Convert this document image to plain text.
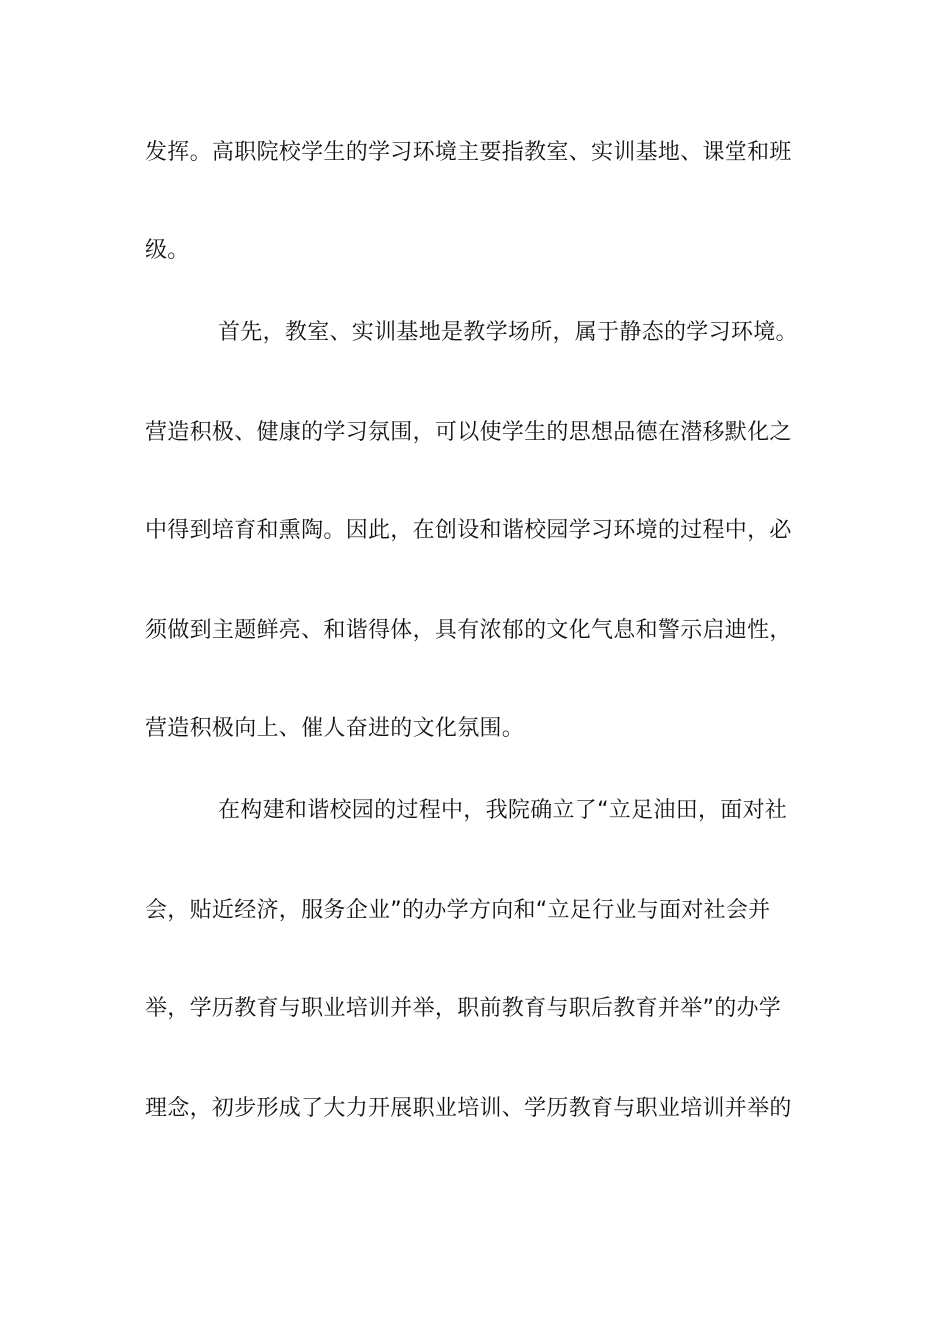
发挥。高职院校学生的学习环境主要指教室、实训基地、课堂和班
级。
首先，教室、实训基地是教学场所，属于静态的学习环境。
营造积极、健康的学习氛围，可以使学生的思想品德在潜移默化之
中得到培育和熏陶。因此，在创设和谐校园学习环境的过程中，必
须做到主题鲜亮、和谐得体，具有浓郁的文化气息和警示启迪性，
营造积极向上、催人奋进的文化氛围。
在构建和谐校园的过程中，我院确立了“立足油田，面对社
会，贴近经济，服务企业”的办学方向和“立足行业与面对社会并
举，学历教育与职业培训并举，职前教育与职后教育并举”的办学
理念，初步形成了大力开展职业培训、学历教育与职业培训并举的
